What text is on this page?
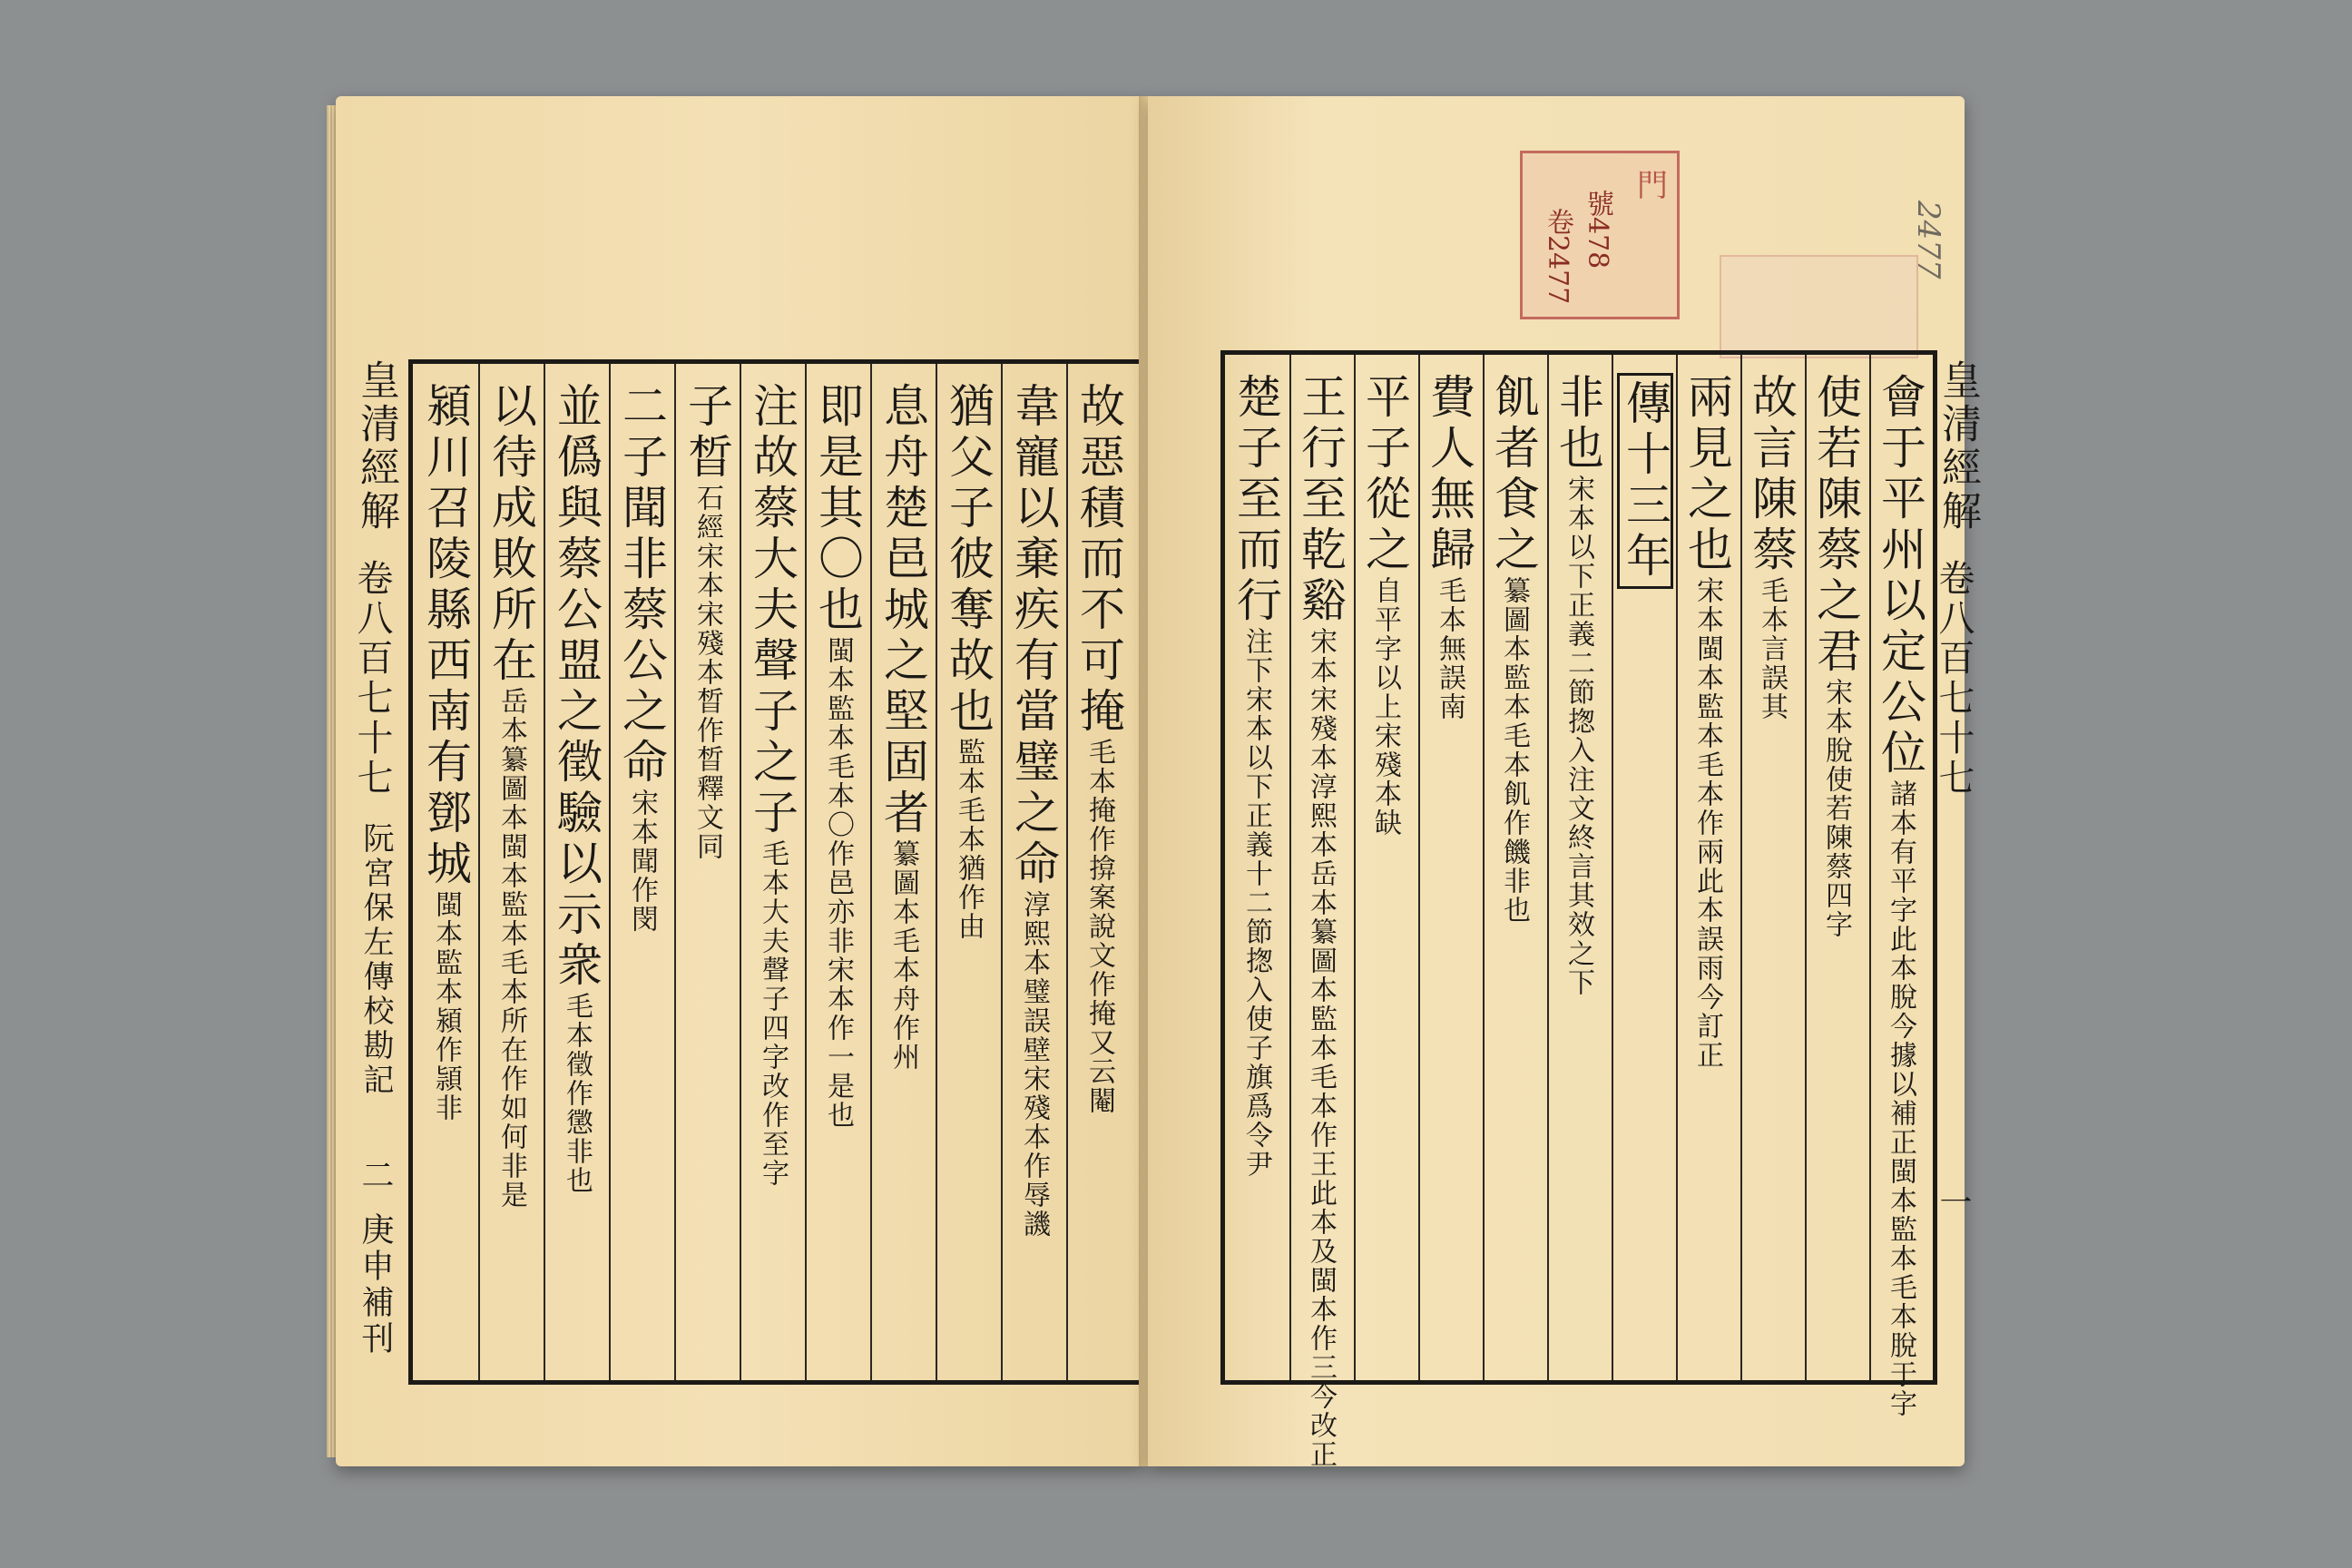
皇清經解
卷八百七十七
阮宮保左傳校勘記
二
庚申補刊
故惡積而不可掩毛本掩作揜案說文作掩又云閹
韋寵以棄疾有當璧之命淳熙本璧誤壁宋殘本作辱譏
猶父子彼奪故也監本毛本猶作由
息舟楚邑城之堅固者纂圖本毛本舟作州
即是其〇也閩本監本毛本〇作邑亦非宋本作一是也
注故蔡大夫聲子之子毛本大夫聲子四字改作至字
子晳石經宋本宋殘本晳作晳釋文同
二子聞非蔡公之命宋本聞作閔
並僞與蔡公盟之徵驗以示衆毛本徵作懲非也
以待成敗所在岳本纂圖本閩本監本毛本所在作如何非是
潁川召陵縣西南有鄧城閩本監本潁作頴非
門
號478
卷2477	2477
皇清經解
卷八百七十七
一
會于平州以定公位諸本有平字此本脫今據以補正閩本監本毛本脫于字
使若陳蔡之君宋本脫使若陳蔡四字
故言陳蔡毛本言誤其
兩見之也宋本閩本監本毛本作兩此本誤雨今訂正
傳十三年
非也宋本以下正義二節揔入注文終言其效之下
飢者食之纂圖本監本毛本飢作饑非也
費人無歸毛本無誤南
平子從之自平字以上宋殘本缺
王行至乾谿宋本宋殘本淳熙本岳本纂圖本監本毛本作王此本及閩本作三今改正
楚子至而行注下宋本以下正義十二節揔入使子旗爲令尹
